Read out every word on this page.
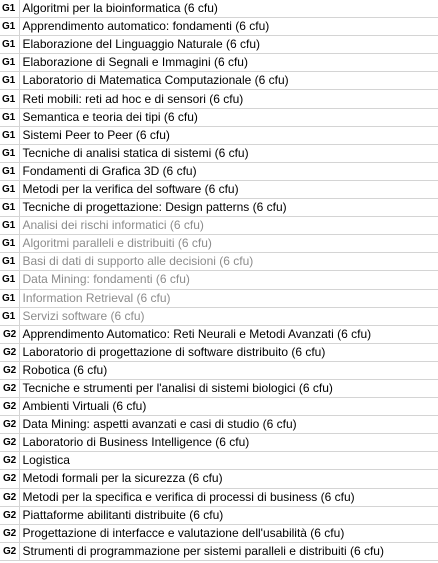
G1	Algoritmi per la bioinformatica (6 cfu)
G1	Apprendimento automatico: fondamenti (6 cfu)
G1	Elaborazione del Linguaggio Naturale (6 cfu)
G1	Elaborazione di Segnali e Immagini (6 cfu)
G1	Laboratorio di Matematica Computazionale (6 cfu)
G1	Reti mobili: reti ad hoc e di sensori (6 cfu)
G1	Semantica e teoria dei tipi (6 cfu)
G1	Sistemi Peer to Peer (6 cfu)
G1	Tecniche di analisi statica di sistemi (6 cfu)
G1	Fondamenti di Grafica 3D (6 cfu)
G1	Metodi per la verifica del software (6 cfu)
G1	Tecniche di progettazione: Design patterns (6 cfu)
G1	Analisi dei rischi informatici (6 cfu)
G1	Algoritmi paralleli e distribuiti (6 cfu)
G1	Basi di dati di supporto alle decisioni (6 cfu)
G1	Data Mining: fondamenti (6 cfu)
G1	Information Retrieval (6 cfu)
G1	Servizi software (6 cfu)
G2	Apprendimento Automatico: Reti Neurali e Metodi Avanzati (6 cfu)
G2	Laboratorio di progettazione di software distribuito (6 cfu)
G2	Robotica (6 cfu)
G2	Tecniche e strumenti per l'analisi di sistemi biologici (6 cfu)
G2	Ambienti Virtuali (6 cfu)
G2	Data Mining: aspetti avanzati e casi di studio (6 cfu)
G2	Laboratorio di Business Intelligence (6 cfu)
G2	Logistica
G2	Metodi formali per la sicurezza (6 cfu)
G2	Metodi per la specifica e verifica di processi di business (6 cfu)
G2	Piattaforme abilitanti distribuite (6 cfu)
G2	Progettazione di interfacce e valutazione dell'usabilità (6 cfu)
G2	Strumenti di programmazione per sistemi paralleli e distribuiti (6 cfu)
